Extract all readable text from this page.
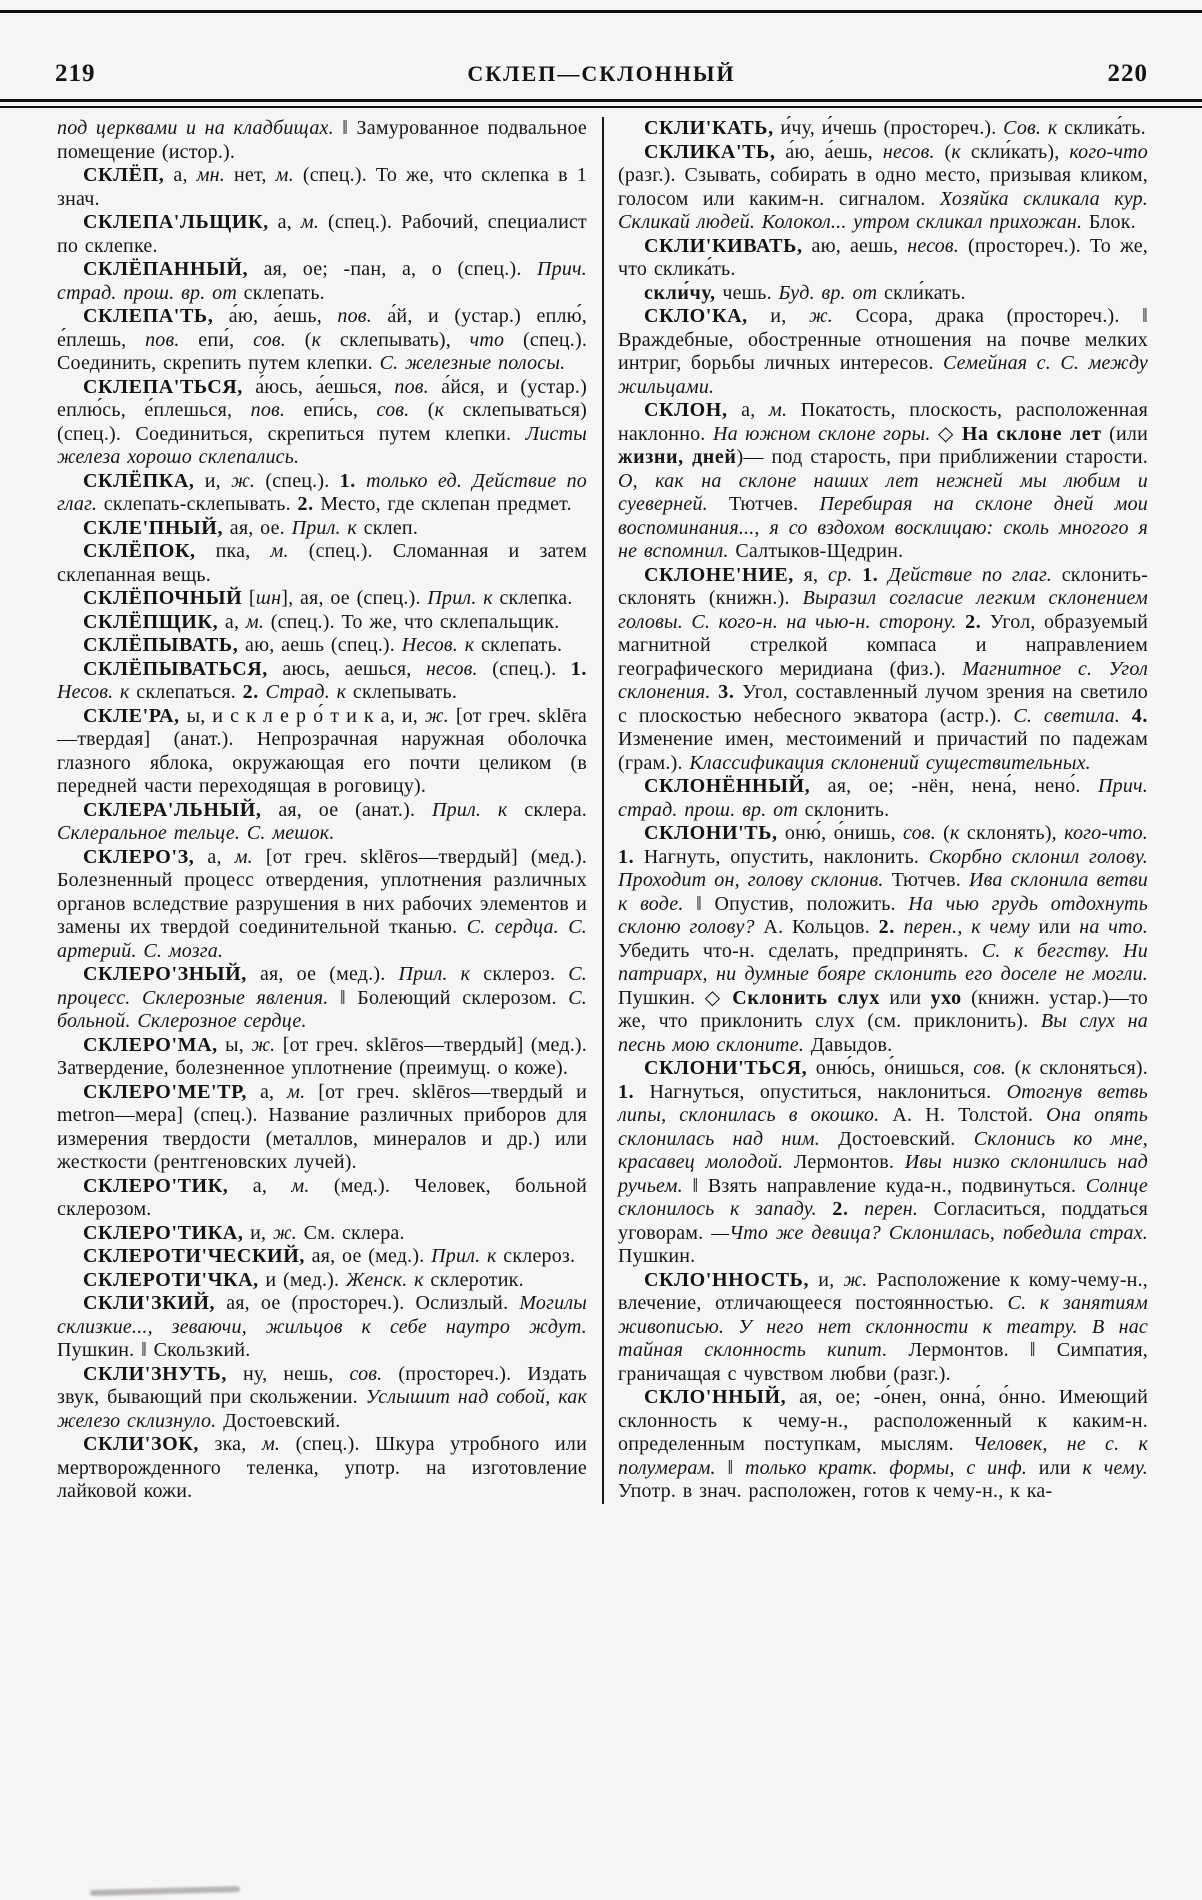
219	СКЛЕП—СКЛОННЫЙ	220

под церквами и на кладбищах. ‖ Замурованное подвальное помещение (истор.).

СКЛЁП, а, мн. нет, м. (спец.). То же, что склепка в 1 знач.

СКЛЕПА'ЛЬЩИК, а, м. (спец.). Рабочий, специалист по склепке.

СКЛЁПАННЫЙ, ая, ое; -пан, а, о (спец.). Прич. страд. прош. вр. от склепать.

СКЛЕПА'ТЬ, а́ю, а́ешь, пов. а́й, и (устар.) еплю́, е́плешь, пов. епи́, сов. (к склепывать), что (спец.). Соединить, скрепить путем клепки. С. железные полосы.

СКЛЕПА'ТЬСЯ, а́юсь, а́ешься, пов. а́йся, и (устар.) еплю́сь, е́плешься, пов. епи́сь, сов. (к склепываться) (спец.). Соединиться, скрепиться путем клепки. Листы железа хорошо склепались.

СКЛЁПКА, и, ж. (спец.). 1. только ед. Действие по глаг. склепать-склепывать. 2. Место, где склепан предмет.

СКЛЕ'ПНЫЙ, ая, ое. Прил. к склеп.

СКЛЁПОК, пка, м. (спец.). Сломанная и затем склепанная вещь.

СКЛЁПОЧНЫЙ [шн], ая, ое (спец.). Прил. к склепка.

СКЛЁПЩИК, а, м. (спец.). То же, что склепальщик.

СКЛЁПЫВАТЬ, аю, аешь (спец.). Несов. к склепать.

СКЛЁПЫВАТЬСЯ, аюсь, аешься, несов. (спец.). 1. Несов. к склепаться. 2. Страд. к склепывать.

СКЛЕ'РА, ы, и с к л е р о́ т и к а, и, ж. [от греч. sklēra—твердая] (анат.). Непрозрачная наружная оболочка глазного яблока, окружающая его почти целиком (в передней части переходящая в роговицу).

СКЛЕРА'ЛЬНЫЙ, ая, ое (анат.). Прил. к склера. Склеральное тельце. С. мешок.

СКЛЕРО'З, а, м. [от греч. sklēros—твердый] (мед.). Болезненный процесс отвердения, уплотнения различных органов вследствие разрушения в них рабочих элементов и замены их твердой соединительной тканью. С. сердца. С. артерий. С. мозга.

СКЛЕРО'ЗНЫЙ, ая, ое (мед.). Прил. к склероз. С. процесс. Склерозные явления. ‖ Болеющий склерозом. С. больной. Склерозное сердце.

СКЛЕРО'МА, ы, ж. [от греч. sklēros—твердый] (мед.). Затвердение, болезненное уплотнение (преимущ. о коже).

СКЛЕРО'МЕ'ТР, а, м. [от греч. sklēros—твердый и metron—мера] (спец.). Название различных приборов для измерения твердости (металлов, минералов и др.) или жесткости (рентгеновских лучей).

СКЛЕРО'ТИК, а, м. (мед.). Человек, больной склерозом.

СКЛЕРО'ТИКА, и, ж. См. склера.

СКЛЕРОТИ'ЧЕСКИЙ, ая, ое (мед.). Прил. к склероз.

СКЛЕРОТИ'ЧКА, и (мед.). Женск. к склеротик.

СКЛИ'ЗКИЙ, ая, ое (простореч.). Ослизлый. Могилы склизкие..., зеваючи, жильцов к себе наутро ждут. Пушкин. ‖ Скользкий.

СКЛИ'ЗНУТЬ, ну, нешь, сов. (простореч.). Издать звук, бывающий при скольжении. Услышит над собой, как железо склизнуло. Достоевский.

СКЛИ'ЗОК, зка, м. (спец.). Шкура утробного или мертворожденного теленка, употр. на изготовление лайковой кожи.

СКЛИ'КАТЬ, и́чу, и́чешь (простореч.). Сов. к склика́ть.

СКЛИКА'ТЬ, а́ю, а́ешь, несов. (к скли́кать), кого-что (разг.). Сзывать, собирать в одно место, призывая кликом, голосом или каким-н. сигналом. Хозяйка скликала кур. Скликай людей. Колокол... утром скликал прихожан. Блок.

СКЛИ'КИВАТЬ, аю, аешь, несов. (простореч.). То же, что склика́ть.

скли́чу, чешь. Буд. вр. от скли́кать.

СКЛО'КА, и, ж. Ссора, драка (простореч.). ‖ Враждебные, обостренные отношения на почве мелких интриг, борьбы личных интересов. Семейная с. С. между жильцами.

СКЛОН, а, м. Покатость, плоскость, расположенная наклонно. На южном склоне горы. ◇ На склоне лет (или жизни, дней)— под старость, при приближении старости. О, как на склоне наших лет нежней мы любим и суеверней. Тютчев. Перебирая на склоне дней мои воспоминания..., я со вздохом восклицаю: сколь многого я не вспомнил. Салтыков-Щедрин.

СКЛОНЕ'НИЕ, я, ср. 1. Действие по глаг. склонить-склонять (книжн.). Выразил согласие легким склонением головы. С. кого-н. на чью-н. сторону. 2. Угол, образуемый магнитной стрелкой компаса и направлением географического меридиана (физ.). Магнитное с. Угол склонения. 3. Угол, составленный лучом зрения на светило с плоскостью небесного экватора (астр.). С. светила. 4. Изменение имен, местоимений и причастий по падежам (грам.). Классификация склонений существительных.

СКЛОНЁННЫЙ, ая, ое; -нён, нена́, нено́. Прич. страд. прош. вр. от склонить.

СКЛОНИ'ТЬ, оню́, о́нишь, сов. (к склонять), кого-что. 1. Нагнуть, опустить, наклонить. Скорбно склонил голову. Проходит он, голову склонив. Тютчев. Ива склонила ветви к воде. ‖ Опустив, положить. На чью грудь отдохнуть склоню голову? А. Кольцов. 2. перен., к чему или на что. Убедить что-н. сделать, предпринять. С. к бегству. Ни патриарх, ни думные бояре склонить его доселе не могли. Пушкин. ◇ Склонить слух или ухо (книжн. устар.)—то же, что приклонить слух (см. приклонить). Вы слух на песнь мою склоните. Давыдов.

СКЛОНИ'ТЬСЯ, оню́сь, о́нишься, сов. (к склоняться). 1. Нагнуться, опуститься, наклониться. Отогнув ветвь липы, склонилась в окошко. А. Н. Толстой. Она опять склонилась над ним. Достоевский. Склонись ко мне, красавец молодой. Лермонтов. Ивы низко склонились над ручьем. ‖ Взять направление куда-н., подвинуться. Солнце склонилось к западу. 2. перен. Согласиться, поддаться уговорам. —Что же девица? Склонилась, победила страх. Пушкин.

СКЛО'ННОСТЬ, и, ж. Расположение к кому-чему-н., влечение, отличающееся постоянностью. С. к занятиям живописью. У него нет склонности к театру. В нас тайная склонность кипит. Лермонтов. ‖ Симпатия, граничащая с чувством любви (разг.).

СКЛО'ННЫЙ, ая, ое; -о́нен, онна́, о́нно. Имеющий склонность к чему-н., расположенный к каким-н. определенным поступкам, мыслям. Человек, не с. к полумерам. ‖ только кратк. формы, с инф. или к чему. Употр. в знач. расположен, готов к чему-н., к ка-
